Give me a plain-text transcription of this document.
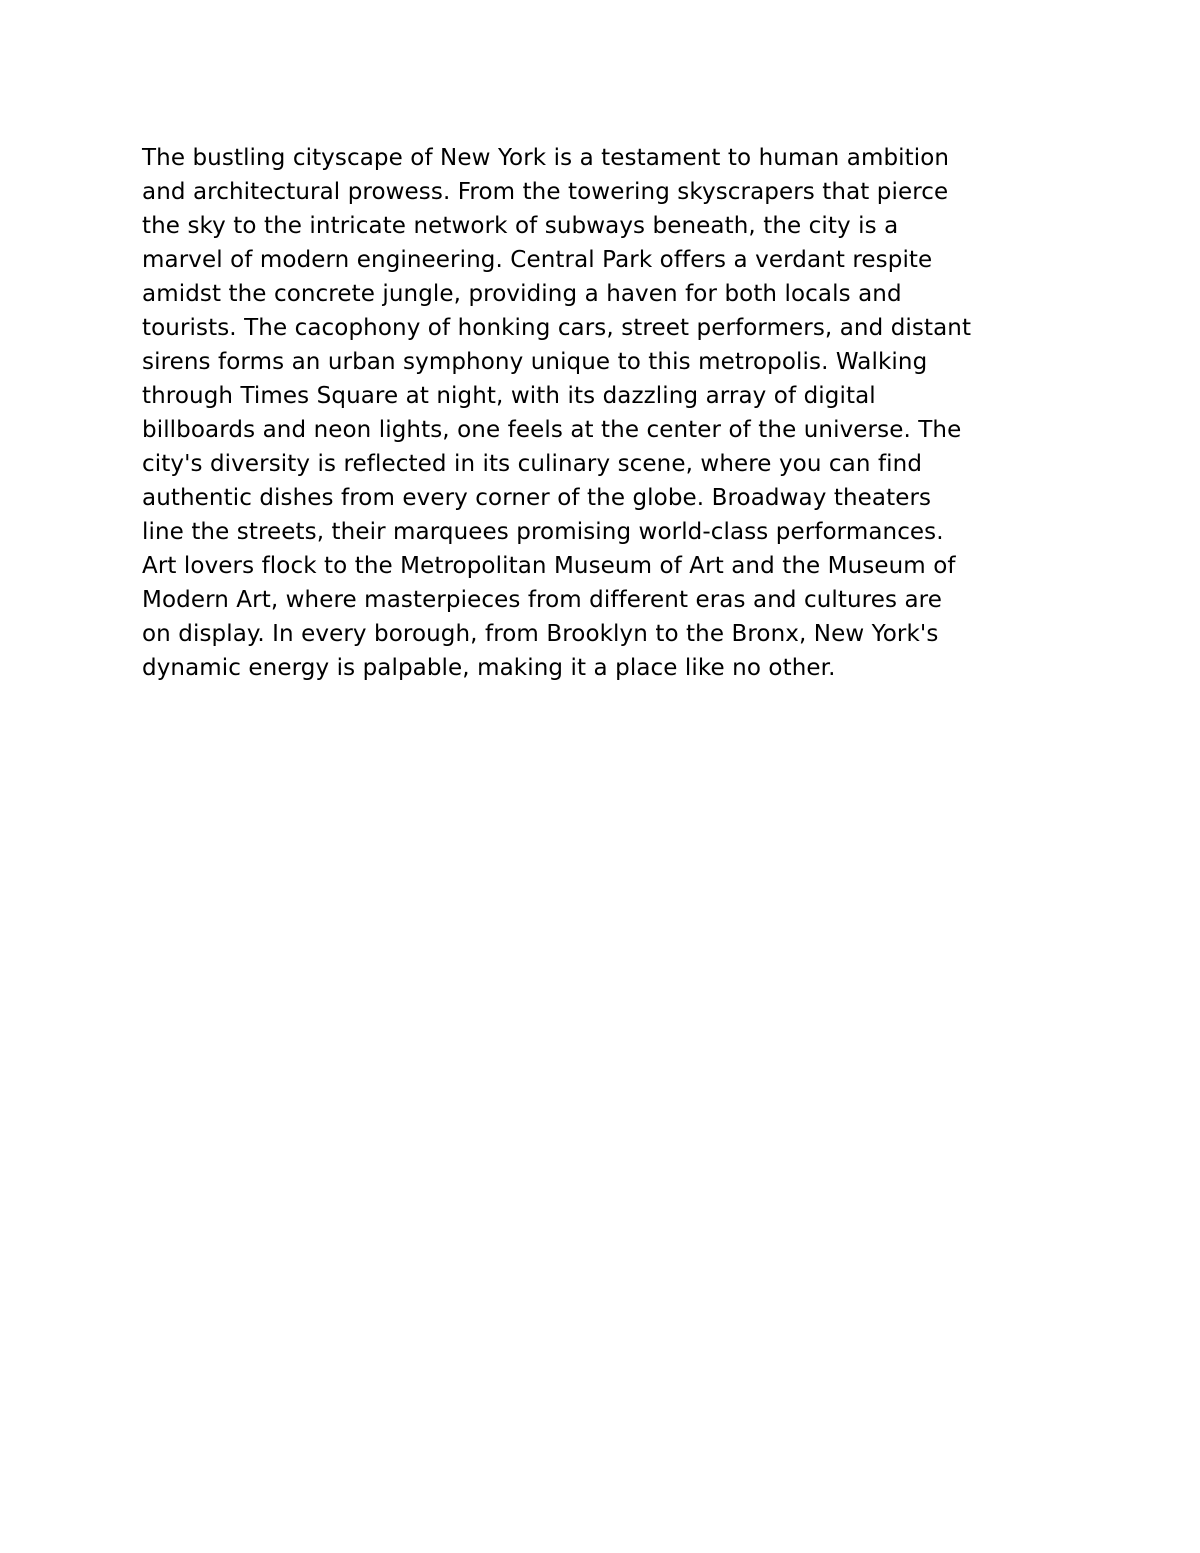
The bustling cityscape of New York is a testament to human ambition
and architectural prowess. From the towering skyscrapers that pierce
the sky to the intricate network of subways beneath, the city is a
marvel of modern engineering. Central Park offers a verdant respite
amidst the concrete jungle, providing a haven for both locals and
tourists. The cacophony of honking cars, street performers, and distant
sirens forms an urban symphony unique to this metropolis. Walking
through Times Square at night, with its dazzling array of digital
billboards and neon lights, one feels at the center of the universe. The
city's diversity is reflected in its culinary scene, where you can find
authentic dishes from every corner of the globe. Broadway theaters
line the streets, their marquees promising world-class performances.
Art lovers flock to the Metropolitan Museum of Art and the Museum of
Modern Art, where masterpieces from different eras and cultures are
on display. In every borough, from Brooklyn to the Bronx, New York's
dynamic energy is palpable, making it a place like no other.
